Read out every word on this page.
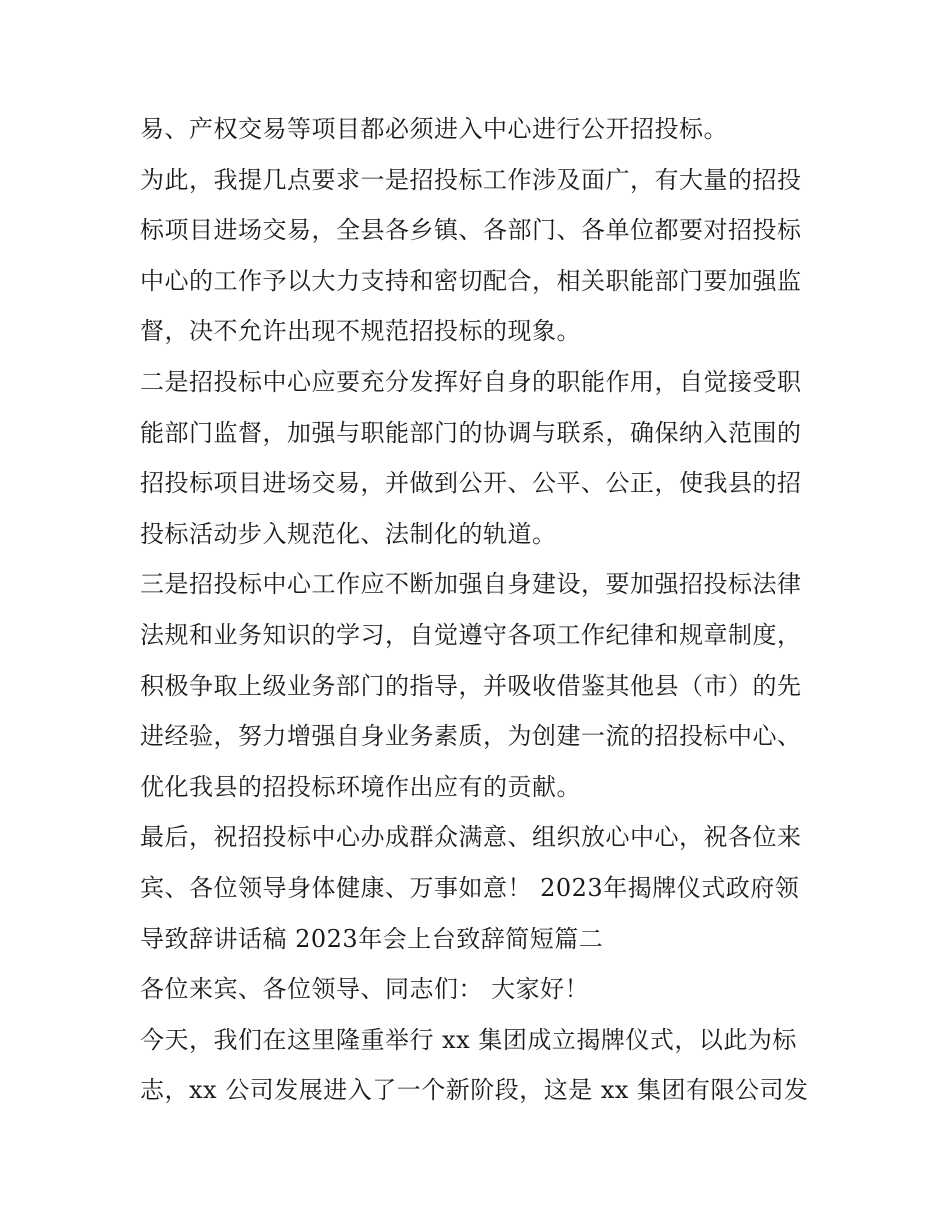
易、产权交易等项目都必须进入中心进行公开招投标。
为此，我提几点要求一是招投标工作涉及面广，有大量的招投
标项目进场交易，全县各乡镇、各部门、各单位都要对招投标
中心的工作予以大力支持和密切配合，相关职能部门要加强监
督，决不允许出现不规范招投标的现象。
二是招投标中心应要充分发挥好自身的职能作用，自觉接受职
能部门监督，加强与职能部门的协调与联系，确保纳入范围的
招投标项目进场交易，并做到公开、公平、公正，使我县的招
投标活动步入规范化、法制化的轨道。
三是招投标中心工作应不断加强自身建设，要加强招投标法律
法规和业务知识的学习，自觉遵守各项工作纪律和规章制度，
积极争取上级业务部门的指导，并吸收借鉴其他县（市）的先
进经验，努力增强自身业务素质，为创建一流的招投标中心、
优化我县的招投标环境作出应有的贡献。
最后，祝招投标中心办成群众满意、组织放心中心，祝各位来
宾、各位领导身体健康、万事如意！ 2023年揭牌仪式政府领
导致辞讲话稿 2023年会上台致辞简短篇二
各位来宾、各位领导、同志们： 大家好！
今天，我们在这里隆重举行 xx 集团成立揭牌仪式，以此为标
志，xx 公司发展进入了一个新阶段，这是 xx 集团有限公司发
